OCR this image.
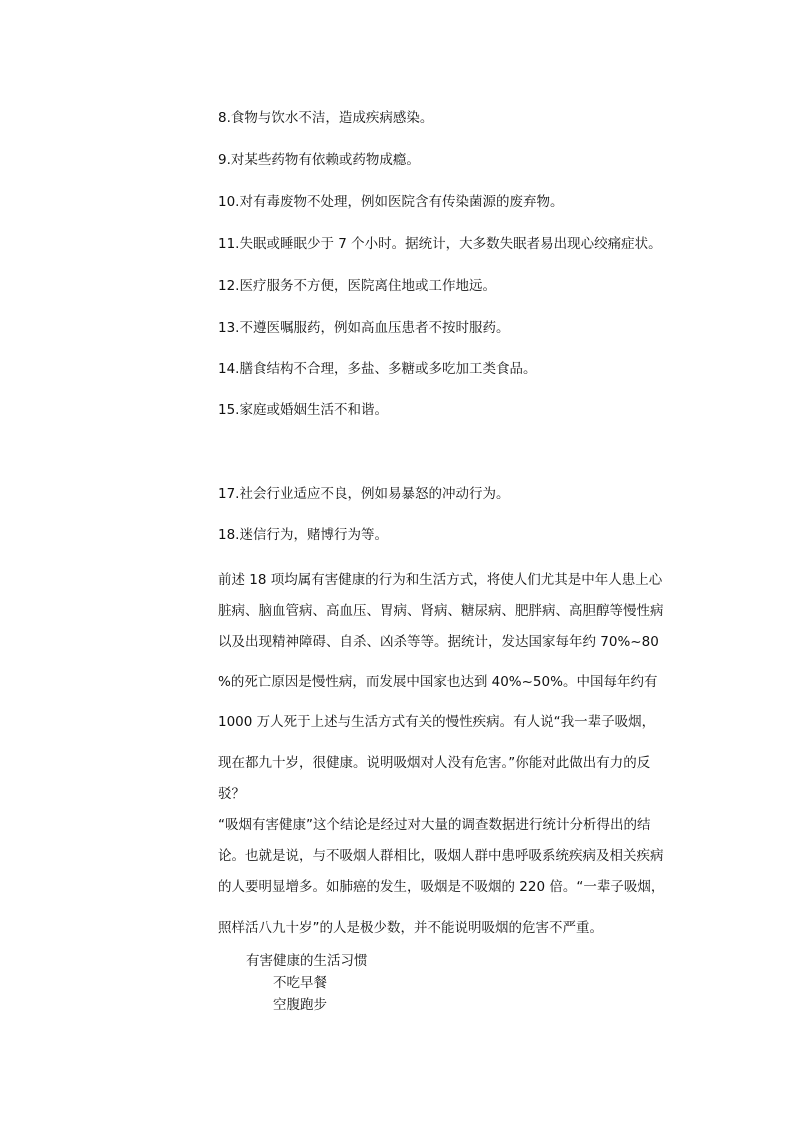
8.食物与饮水不洁，造成疾病感染。
9.对某些药物有依赖或药物成瘾。
10.对有毒废物不处理，例如医院含有传染菌源的废弃物。
11.失眠或睡眠少于 7 个小时。据统计，大多数失眠者易出现心绞痛症状。
12.医疗服务不方便，医院离住地或工作地远。
13.不遵医嘱服药，例如高血压患者不按时服药。
14.膳食结构不合理，多盐、多糖或多吃加工类食品。
15.家庭或婚姻生活不和谐。
17.社会行业适应不良，例如易暴怒的冲动行为。
18.迷信行为，赌博行为等。
前述 18 项均属有害健康的行为和生活方式，将使人们尤其是中年人患上心
脏病、脑血管病、高血压、胃病、肾病、糖尿病、肥胖病、高胆醇等慢性病
以及出现精神障碍、自杀、凶杀等等。据统计，发达国家每年约 70%~80
%的死亡原因是慢性病，而发展中国家也达到 40%~50%。中国每年约有
1000 万人死于上述与生活方式有关的慢性疾病。有人说“我一辈子吸烟，
现在都九十岁，很健康。说明吸烟对人没有危害。”你能对此做出有力的反
驳？
“吸烟有害健康”这个结论是经过对大量的调查数据进行统计分析得出的结
论。也就是说，与不吸烟人群相比，吸烟人群中患呼吸系统疾病及相关疾病
的人要明显增多。如肺癌的发生，吸烟是不吸烟的 220 倍。“一辈子吸烟，
照样活八九十岁”的人是极少数，并不能说明吸烟的危害不严重。
有害健康的生活习惯
不吃早餐
空腹跑步
